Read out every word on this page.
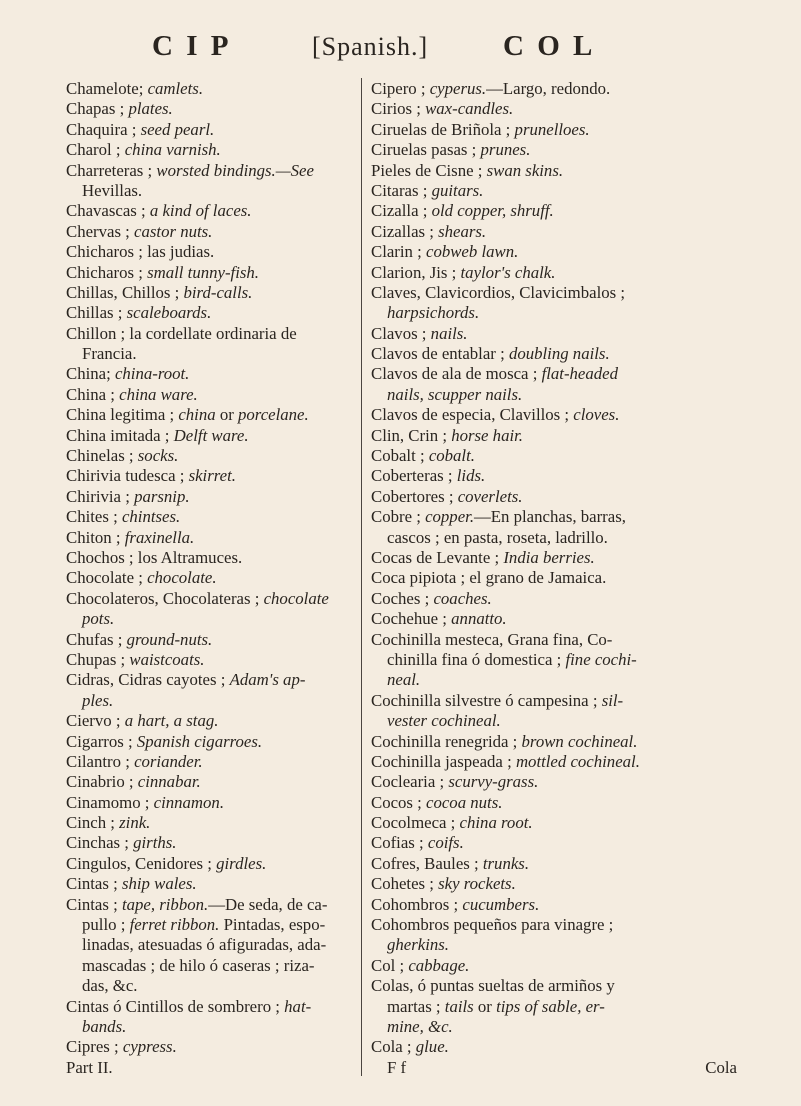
C I P	[Spanish.]	C O L
Chamelote; camlets.
Chapas ; plates.
Chaquira ; seed pearl.
Charol ; china varnish.
Charreteras ; worsted bindings.—See
Hevillas.
Chavascas ; a kind of laces.
Chervas ; castor nuts.
Chicharos ; las judias.
Chicharos ; small tunny-fish.
Chillas, Chillos ; bird-calls.
Chillas ; scaleboards.
Chillon ; la cordellate ordinaria de
Francia.
China; china-root.
China ; china ware.
China legitima ; china or porcelane.
China imitada ; Delft ware.
Chinelas ; socks.
Chirivia tudesca ; skirret.
Chirivia ; parsnip.
Chites ; chintses.
Chiton ; fraxinella.
Chochos ; los Altramuces.
Chocolate ; chocolate.
Chocolateros, Chocolateras ; chocolate
pots.
Chufas ; ground-nuts.
Chupas ; waistcoats.
Cidras, Cidras cayotes ; Adam's ap-
ples.
Ciervo ; a hart, a stag.
Cigarros ; Spanish cigarroes.
Cilantro ; coriander.
Cinabrio ; cinnabar.
Cinamomo ; cinnamon.
Cinch ; zink.
Cinchas ; girths.
Cingulos, Cenidores ; girdles.
Cintas ; ship wales.
Cintas ; tape, ribbon.—De seda, de ca-
pullo ; ferret ribbon. Pintadas, espo-
linadas, atesuadas ó afiguradas, ada-
mascadas ; de hilo ó caseras ; riza-
das, &c.
Cintas ó Cintillos de sombrero ; hat-
bands.
Cipres ; cypress.
Part II.
Cipero ; cyperus.—Largo, redondo.
Cirios ; wax-candles.
Ciruelas de Briñola ; prunelloes.
Ciruelas pasas ; prunes.
Pieles de Cisne ; swan skins.
Citaras ; guitars.
Cizalla ; old copper, shruff.
Cizallas ; shears.
Clarin ; cobweb lawn.
Clarion, Jis ; taylor's chalk.
Claves, Clavicordios, Clavicimbalos ;
harpsichords.
Clavos ; nails.
Clavos de entablar ; doubling nails.
Clavos de ala de mosca ; flat-headed
nails, scupper nails.
Clavos de especia, Clavillos ; cloves.
Clin, Crin ; horse hair.
Cobalt ; cobalt.
Coberteras ; lids.
Cobertores ; coverlets.
Cobre ; copper.—En planchas, barras,
cascos ; en pasta, roseta, ladrillo.
Cocas de Levante ; India berries.
Coca pipiota ; el grano de Jamaica.
Coches ; coaches.
Cochehue ; annatto.
Cochinilla mesteca, Grana fina, Co-
chinilla fina ó domestica ; fine cochi-
neal.
Cochinilla silvestre ó campesina ; sil-
vester cochineal.
Cochinilla renegrida ; brown cochineal.
Cochinilla jaspeada ; mottled cochineal.
Coclearia ; scurvy-grass.
Cocos ; cocoa nuts.
Cocolmeca ; china root.
Cofias ; coifs.
Cofres, Baules ; trunks.
Cohetes ; sky rockets.
Cohombros ; cucumbers.
Cohombros pequeños para vinagre ;
gherkins.
Col ; cabbage.
Colas, ó puntas sueltas de armiños y
martas ; tails or tips of sable, er-
mine, &c.
Cola ; glue.
F f	Cola
